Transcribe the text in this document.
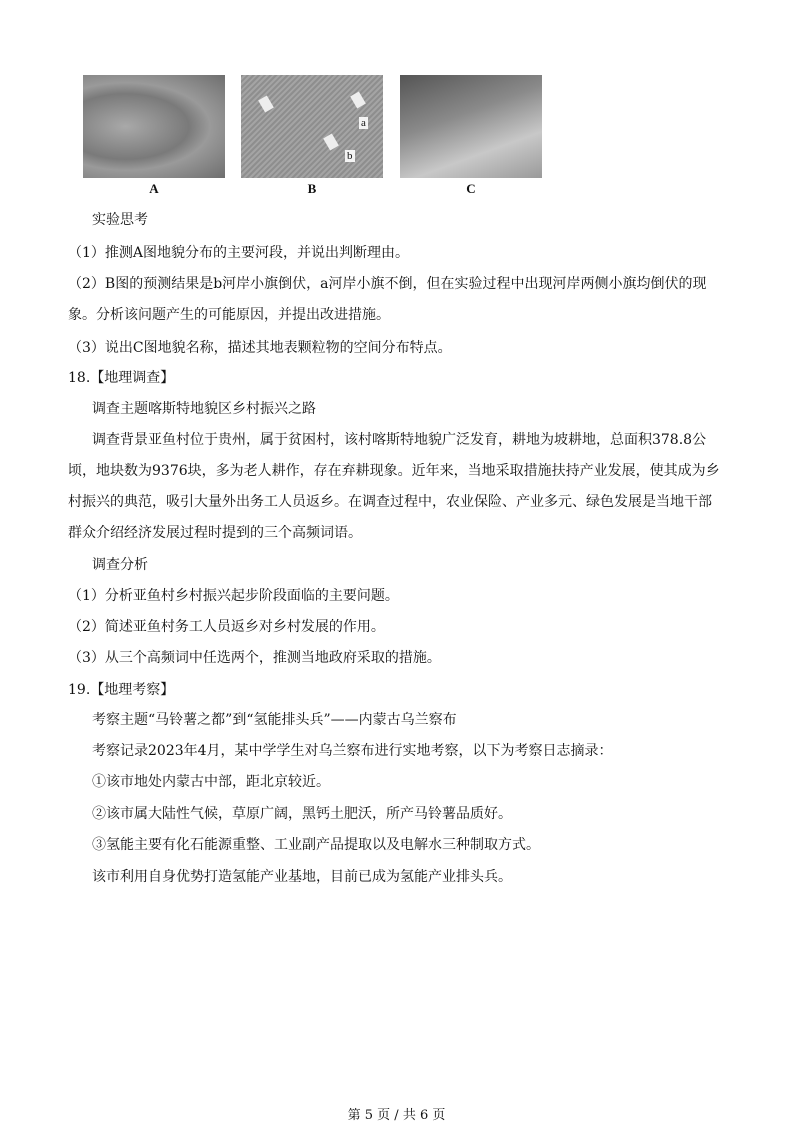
a
b
A	B	C
实验思考
（1）推测A图地貌分布的主要河段，并说出判断理由。
（2）B图的预测结果是b河岸小旗倒伏，a河岸小旗不倒，但在实验过程中出现河岸两侧小旗均倒伏的现
象。分析该问题产生的可能原因，并提出改进措施。
（3）说出C图地貌名称，描述其地表颗粒物的空间分布特点。
18.【地理调查】
调查主题喀斯特地貌区乡村振兴之路
调查背景亚鱼村位于贵州，属于贫困村，该村喀斯特地貌广泛发育，耕地为坡耕地，总面积378.8公
顷，地块数为9376块，多为老人耕作，存在弃耕现象。近年来，当地采取措施扶持产业发展，使其成为乡
村振兴的典范，吸引大量外出务工人员返乡。在调查过程中，农业保险、产业多元、绿色发展是当地干部
群众介绍经济发展过程时提到的三个高频词语。
调查分析
（1）分析亚鱼村乡村振兴起步阶段面临的主要问题。
（2）简述亚鱼村务工人员返乡对乡村发展的作用。
（3）从三个高频词中任选两个，推测当地政府采取的措施。
19.【地理考察】
考察主题“马铃薯之都”到“氢能排头兵”——内蒙古乌兰察布
考察记录2023年4月，某中学学生对乌兰察布进行实地考察，以下为考察日志摘录：
①该市地处内蒙古中部，距北京较近。
②该市属大陆性气候，草原广阔，黑钙土肥沃，所产马铃薯品质好。
③氢能主要有化石能源重整、工业副产品提取以及电解水三种制取方式。
该市利用自身优势打造氢能产业基地，目前已成为氢能产业排头兵。
第 5 页 / 共 6 页
